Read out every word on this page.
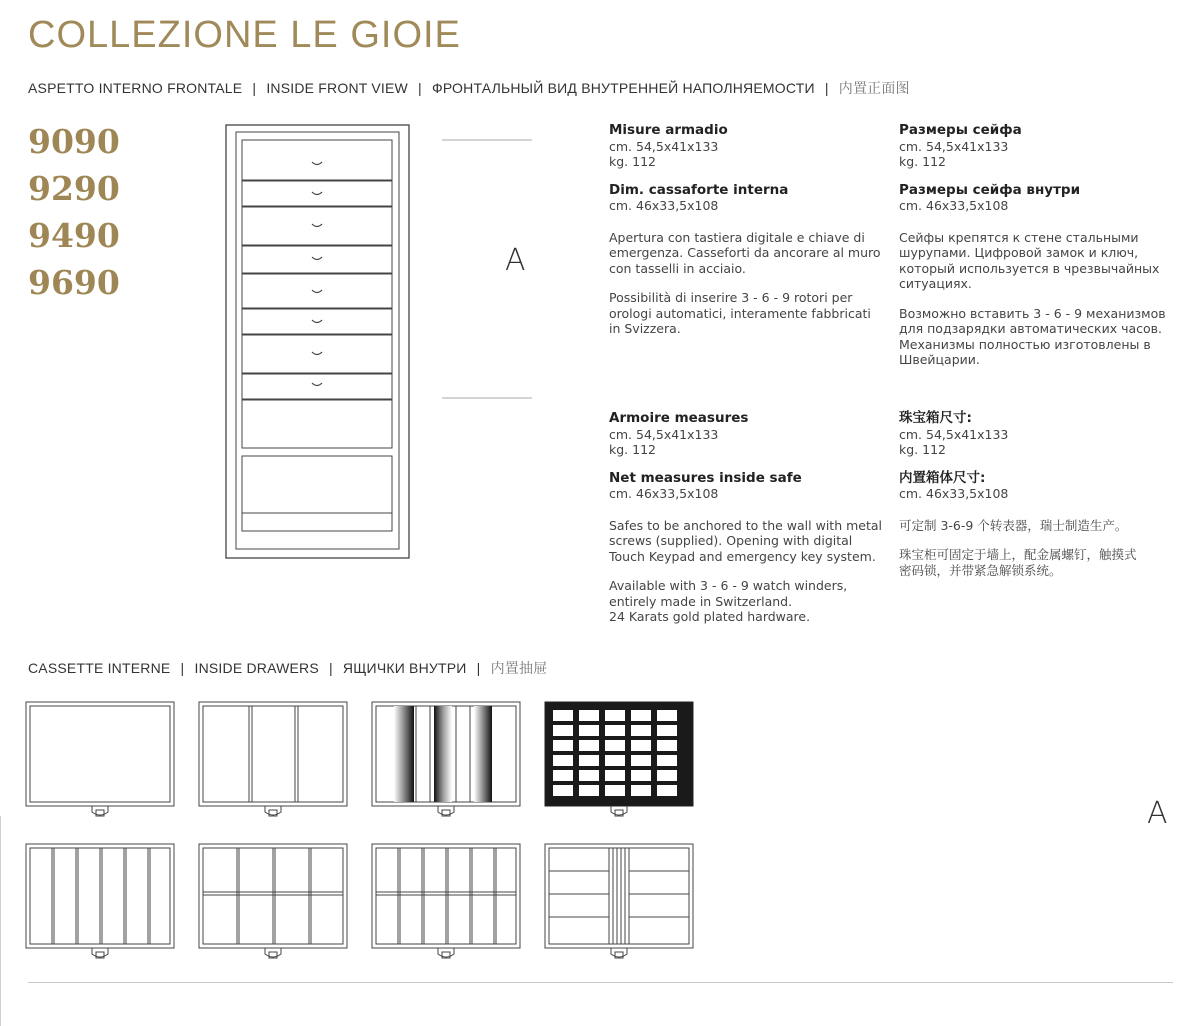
COLLEZIONE LE GIOIE
ASPETTO INTERNO FRONTALE | INSIDE FRONT VIEW | ФРОНТАЛЬНЫЙ ВИД ВНУТРЕННЕЙ НАПОЛНЯЕМОСТИ | 内置正面图
9090
9290
9490
9690
A
Misure armadio
cm. 54,5x41x133
kg. 112
Dim. cassaforte interna
cm. 46x33,5x108

Apertura con tastiera digitale e chiave di
emergenza. Casseforti da ancorare al muro
con tasselli in acciaio.

Possibilità di inserire 3 - 6 - 9 rotori per
orologi automatici, interamente fabbricati
in Svizzera.

Размеры сейфа
cm. 54,5x41x133
kg. 112
Размеры сейфа внутри
cm. 46x33,5x108

Сейфы крепятся к стене стальными
шурупами. Цифровой замок и ключ,
который используется в чрезвычайных
ситуациях.

Возможно вставить 3 - 6 - 9 механизмов
для подзарядки автоматических часов.
Механизмы полностью изготовлены в
Швейцарии.

Armoire measures
cm. 54,5x41x133
kg. 112
Net measures inside safe
cm. 46x33,5x108

Safes to be anchored to the wall with metal
screws (supplied). Opening with digital
Touch Keypad and emergency key system.

Available with 3 - 6 - 9 watch winders,
entirely made in Switzerland.
24 Karats gold plated hardware.

珠宝箱尺寸:
cm. 54,5x41x133
kg. 112
内置箱体尺寸:
cm. 46x33,5x108

可定制 3-6-9 个转表器，瑞士制造生产。

珠宝柜可固定于墙上，配金属螺钉，触摸式
密码锁，并带紧急解锁系统。

CASSETTE INTERNE | INSIDE DRAWERS | ЯЩИЧКИ ВНУТРИ | 内置抽屉
A
